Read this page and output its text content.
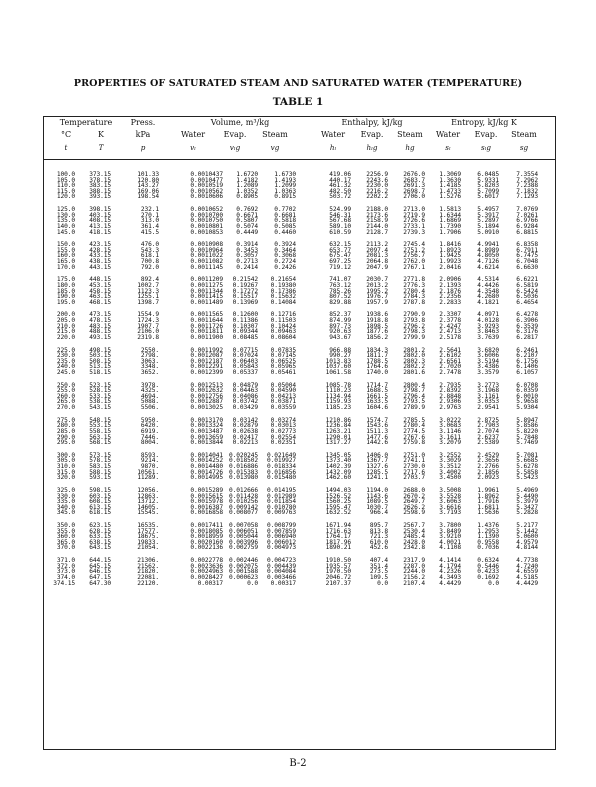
PROPERTIES OF SATURATED STEAM AND SATURATED WATER (TEMPERATURE)
TABLE 1
Temperature Press.	Volume, m³/kg	Enthalpy, kJ/kg	Entropy, kJ/kg K
°C	K	kPa	Water Evap. Steam	Water Evap. Steam Water Evap. Steam
t	T	p	vₗ	vₗg	vg	hₗ	hₗg	hg	sₗ	sₗg	sg
100.0 373.15	101.33	0.0010437 1.6720	1.6730	419.06 2256.9 2676.0 1.3069	6.0485	7.3554
105.0 378.15	120.80	0.0010477 1.4182	1.4193	440.17 2243.6 2683.7 1.3630	5.9331	7.2962
110.0 383.15	143.27	0.0010519 1.2089	1.2099	461.32 2230.0 2691.3 1.4185	5.8203	7.2388
115.0 388.15	169.06	0.0010562 1.0352	1.0363	482.50 2216.2 2698.7 1.4733	5.7099	7.1832
120.0 393.15	198.54	0.0010606 0.8905	0.8915	503.72 2202.2 2706.0 1.5276	5.6017	7.1293
125.0 398.15	232.1	0.0010652 0.7692	0.7702	524.99 2188.0 2713.0 1.5813	5.4957	7.0769
130.0 403.15	270.1	0.0010700 0.6671	0.6681	546.31 2173.6 2719.9 1.6344	5.3917	7.0261
135.0 408.15	313.0	0.0010750 0.5807	0.5818	567.68 2158.9 2726.6 1.6869	5.2897	6.9766
140.0 413.15	361.4	0.0010801 0.5074	0.5085	589.10 2144.0 2733.1 1.7390	5.1894	6.9284
145.0 418.15	415.5	0.0010853 0.4449	0.4460	610.59 2128.7 2739.3 1.7906	5.0910	6.8815
150.0 423.15	476.0	0.0010908 0.3914	0.3924	632.15 2113.2 2745.4 1.8416	4.9941	6.8358
155.0 428.15	543.3	0.0010964 0.3453	0.3464	653.77 2097.4 2751.2 1.8923	4.8989	6.7911
160.0 433.15	618.1	0.0011022 0.3057	0.3068	675.47 2081.3 2756.7 1.9425	4.8050	6.7475
165.0 438.15	700.8	0.0011082 0.2713	0.2724	697.25 2064.8 2762.0 1.9923	4.7126	6.7048
170.0 443.15	792.0	0.0011145 0.2414	0.2426	719.12 2047.9 2767.1 2.0416	4.6214	6.6630
175.0 448.15	892.4	0.0011209 0.21542 0.21654	741.07 2030.7 2771.8 2.0906	4.5314	6.6221
180.0 453.15	1002.7	0.0011275 0.19267 0.19380	763.12 2013.2 2776.3 2.1393	4.4426	6.5819
185.0 458.15	1123.3	0.0011344 0.17272 0.17386	785.26 1995.2 2780.4 2.1876	4.3548	6.5424
190.0 463.15	1255.1	0.0011415 0.15517 0.15632	807.52 1976.7 2784.3 2.2356	4.2680	6.5036
195.0 468.15	1398.7	0.0011489 0.13969 0.14084	829.88 1957.9 2787.8 2.2833	4.1821	6.4654
200.0 473.15	1554.9	0.0011565 0.12600 0.12716	852.37 1938.6 2790.9 2.3307	4.0971	6.4278
205.0 478.15	1724.3	0.0011644 0.11386 0.11503	874.99 1918.8 2793.8 2.3778	4.0128	6.3906
210.0 483.15	1907.7	0.0011726 0.10307 0.10424	897.73 1898.5 2796.2 2.4247	3.9293	6.3539
215.0 488.15	2106.0	0.0011811 0.09344 0.09463	920.63 1877.6 2798.3 2.4713	3.8463	6.3176
220.0 493.15	2319.8	0.0011900 0.08485 0.08604	943.67 1856.2 2799.9 2.5178	3.7639	6.2817
225.0 498.15	2550.	0.0011992 0.07715 0.07835	966.88 1834.3 2801.2 2.5641	3.6820	6.2461
230.0 503.15	2798.	0.0012087 0.07024 0.07145	990.27 1811.7 2802.0 2.6102	3.6006	6.2107
235.0 508.15	3063.	0.0012187 0.06403 0.06525	1013.83 1788.5 2802.3 2.6561	3.5194	6.1756
240.0 513.15	3348.	0.0012291 0.05843 0.05965	1037.60 1764.6 2802.2 2.7020	3.4386	6.1406
245.0 518.15	3652.	0.0012399 0.05337 0.05461	1061.58 1740.0 2801.6 2.7478	3.3579	6.1057
250.0 523.15	3978.	0.0012513 0.04879 0.05004	1085.78 1714.7 2800.4 2.7935	3.2773	6.0708
255.0 528.15	4325.	0.0012632 0.04463 0.04590	1110.23 1688.5 2798.7 2.8392	3.1968	6.0359
260.0 533.15	4694.	0.0012756 0.04086 0.04213	1134.94 1661.5 2796.4 2.8848	3.1161	6.0010
265.0 538.15	5088.	0.0012887 0.03742 0.03871	1159.93 1633.5 2793.5 2.9306	3.0353	5.9658
270.0 543.15	5506.	0.0013025 0.03429 0.03559	1185.23 1604.6 2789.9 2.9763	2.9541	5.9304
275.0 548.15	5950.	0.0013170 0.03142 0.03274	1210.86 1574.7 2785.5 3.0222	2.8725	5.8947
280.0 553.15	6420.	0.0013324 0.02879 0.03013	1236.84 1543.6 2780.4 3.0683	2.7903	5.8586
285.0 558.15	6919.	0.0013487 0.02638 0.02773	1263.21 1511.3 2774.5 3.1146	2.7074	5.8220
290.0 563.15	7446.	0.0013659 0.02417 0.02554	1290.01 1477.6 2767.6 3.1611	2.6237	5.7848
295.0 568.15	8004.	0.0013844 0.02213 0.02351	1317.27 1442.6 2759.8 3.2079	2.5389	5.7469
300.0 573.15	8593.	0.0014041 0.020245 0.021649	1345.05 1406.0 2751.0 3.2552	2.4529	5.7081
305.0 578.15	9214.	0.0014252 0.018502 0.019927	1373.40 1367.7 2741.1 3.3029	2.3656	5.6685
310.0 583.15	9870.	0.0014480 0.016886 0.018334	1402.39 1327.6 2730.0 3.3512	2.2766	5.6278
315.0 588.15	10561.	0.0014726 0.015383 0.016856	1432.09 1285.5 2717.6 3.4002	2.1856	5.5858
320.0 593.15	11289.	0.0014995 0.013980 0.015480	1462.60 1241.1 2703.7 3.4500	2.0923	5.5423
325.0 598.15	12056.	0.0015289 0.012666 0.014195	1494.03 1194.0 2688.0 3.5008	1.9961	5.4969
330.0 603.15	12863.	0.0015615 0.011428 0.012989	1526.52 1143.6 2670.2 3.5528	1.8962	5.4490
335.0 608.15	13712.	0.0015978 0.010256 0.011854	1560.25 1089.5 2649.7 3.6063	1.7916	5.3979
340.0 613.15	14605.	0.0016387 0.009142 0.010780	1595.47 1030.7 2626.2 3.6616	1.6811	5.3427
345.0 618.15	15545.	0.0016858 0.008077 0.009763	1632.52	966.4 2598.9 3.7193	1.5636	5.2828
350.0 623.15	16535.	0.0017411 0.007058 0.008799	1671.94	895.7 2567.7 3.7800	1.4376	5.2177
355.0 628.15	17577.	0.0018085 0.006051 0.007859	1716.63	813.8 2530.4 3.8489	1.2953	5.1442
360.0 633.15	18675.	0.0018959 0.005044 0.006940	1764.17	721.3 2485.4 3.9210	1.1390	5.0600
365.0 638.15	19833.	0.0020160 0.003996 0.006012	1817.96	610.0 2428.0 4.0021	0.9558	4.9579
370.0 643.15	21054.	0.0022136 0.002759 0.004973	1890.21	452.6 2342.8 4.1108	0.7036	4.8144
371.0 644.15	21306.	0.0022778 0.002446 0.004723	1910.50	407.4 2317.9 4.1414	0.6324	4.7738
372.0 645.15	21562.	0.0023636 0.002075 0.004439	1935.57	351.4 2287.0 4.1794	0.5446	4.7240
373.0 646.15	21820.	0.0024963 0.001588 0.004084	1970.50	273.5 2244.0 4.2326	0.4233	4.6559
374.0 647.15	22081.	0.0028427 0.000623 0.003466	2046.72	109.5 2156.2 4.3493	0.1692	4.5185
374.15 647.30	22120.	0.00317	0.0 0.00317	2107.37	0.0 2107.4 4.4429	0.0	4.4429
B-2
